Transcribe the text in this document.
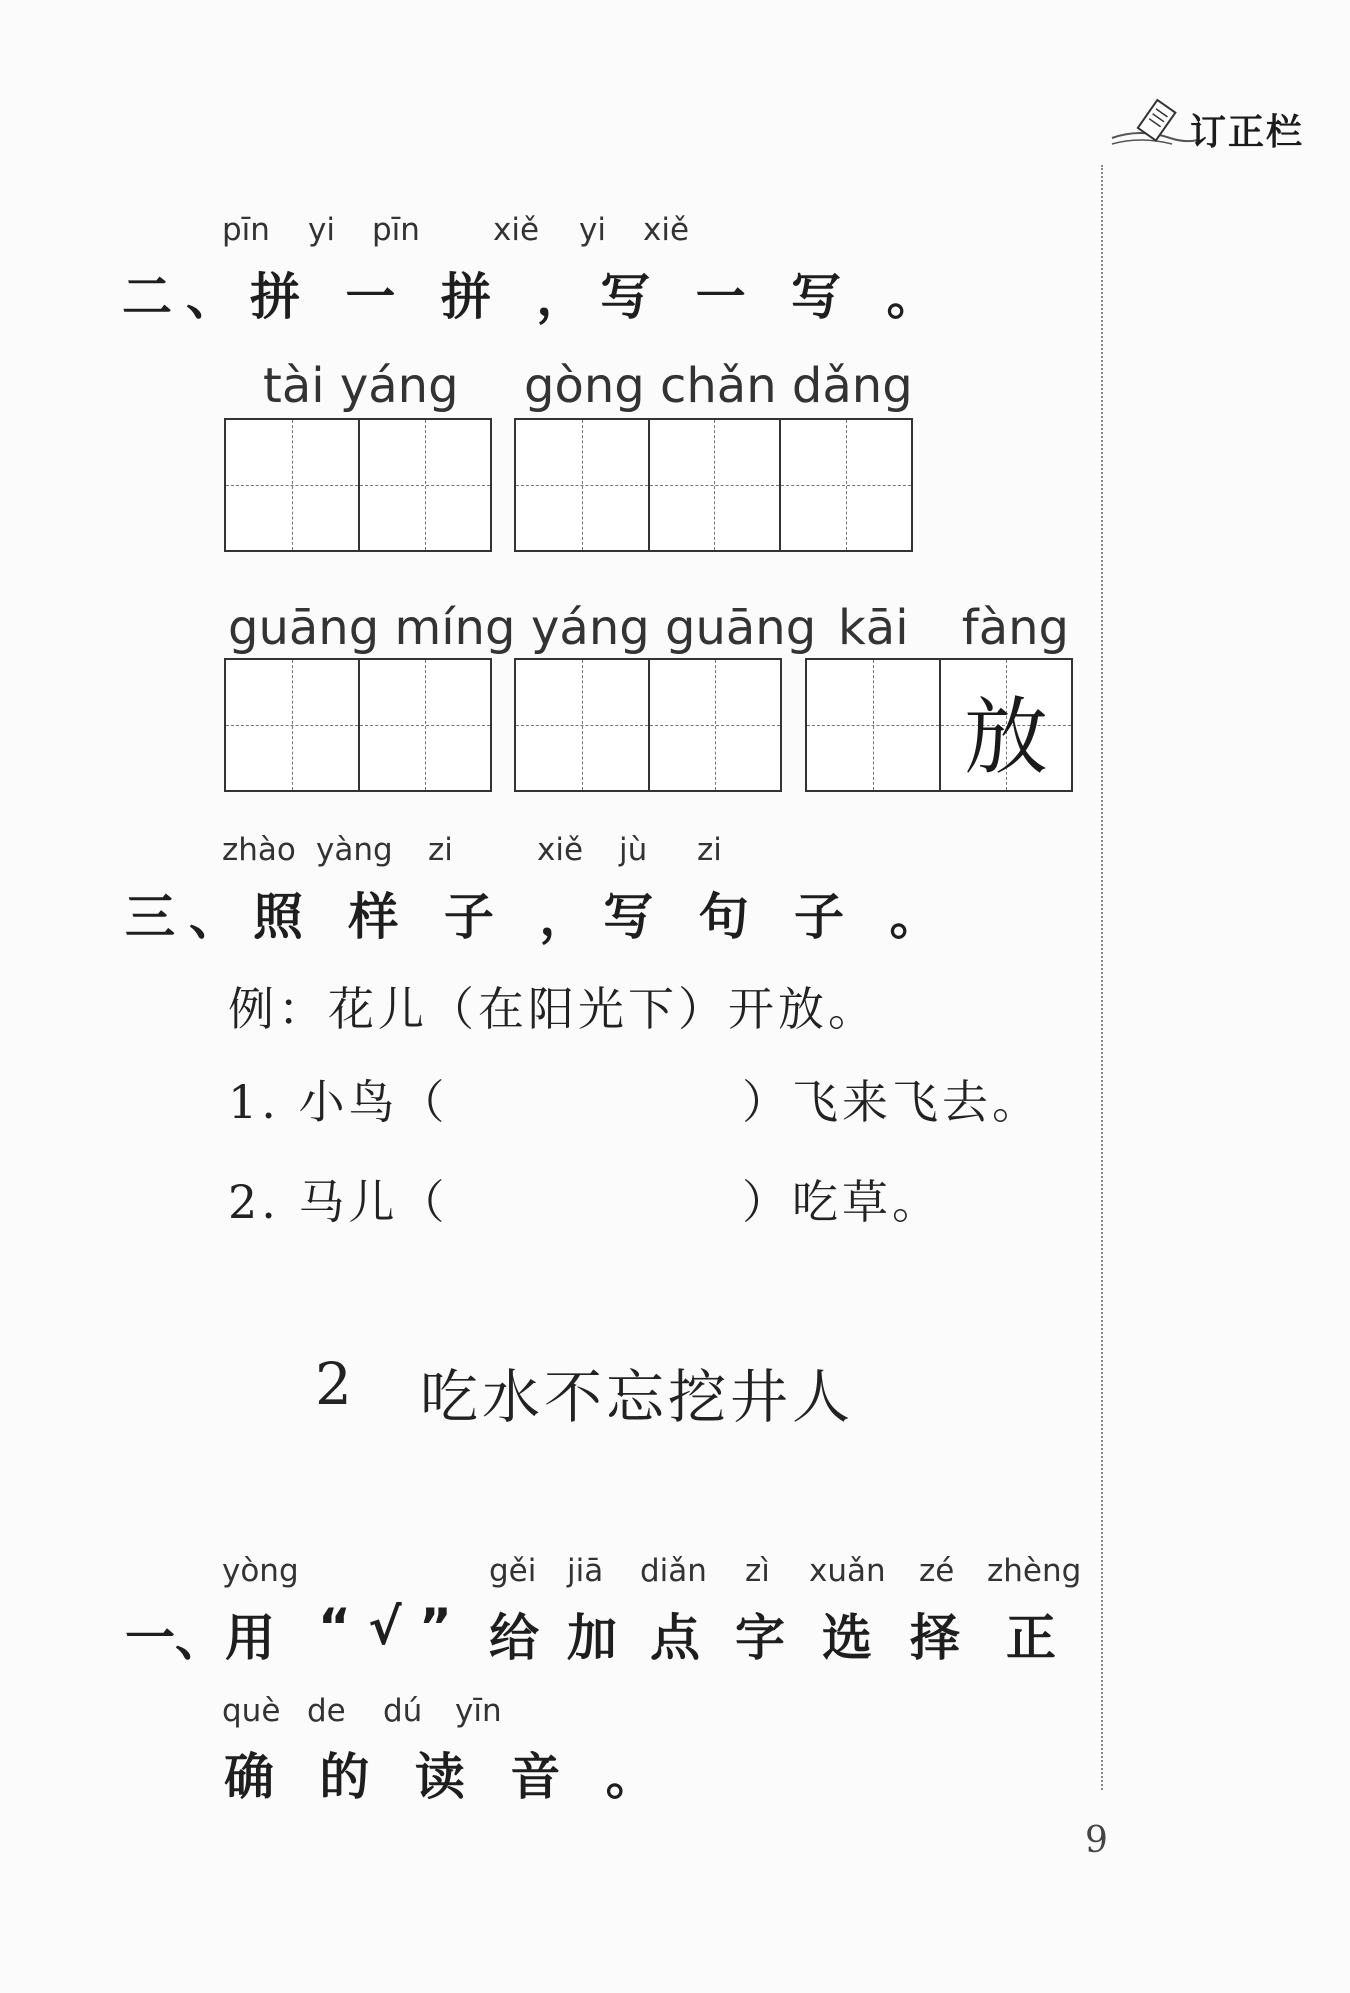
订正栏
pīn yi pīn xiě yi xiě
二、拼 一 拼 ，写 一 写 。
tài yáng gòng chǎn dǎng
guāng míng yáng guāng kāi fàng
放
zhào yàng zi	xiě jù zi
三、照 样 子 ，写 句 子 。
例：花儿（在阳光下）开放。
1. 小鸟（	）飞来飞去。
2. 马儿（	）吃草。
2 吃水不忘挖井人
yòng	gěi jiā diǎn zì xuǎn zé zhèng
一、用 “ √ ” 给 加 点 字 选 择 正
què de dú yīn
确 的 读 音 。
9
